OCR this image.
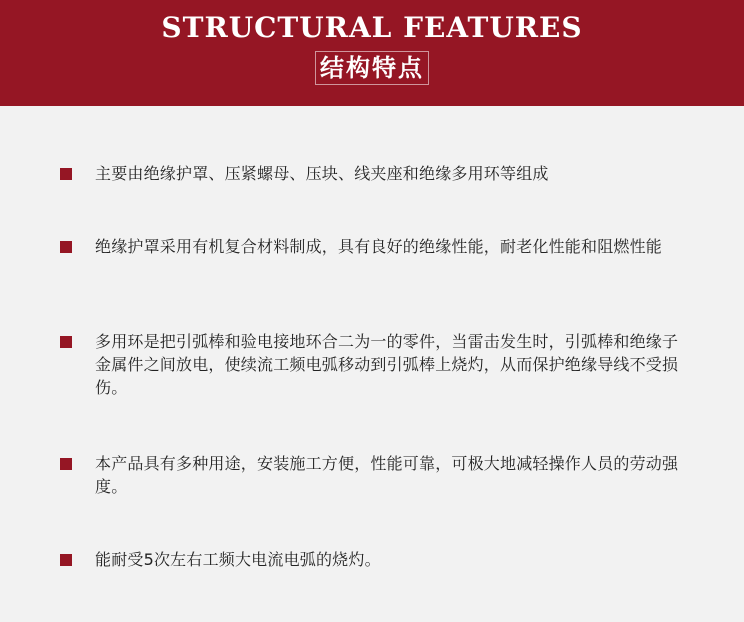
STRUCTURAL FEATURES
结构特点
主要由绝缘护罩、压紧螺母、压块、线夹座和绝缘多用环等组成
绝缘护罩采用有机复合材料制成，具有良好的绝缘性能，耐老化性能和阻燃性能
多用环是把引弧棒和验电接地环合二为一的零件，当雷击发生时，引弧棒和绝缘子金属件之间放电，使续流工频电弧移动到引弧棒上烧灼，从而保护绝缘导线不受损伤。
本产品具有多种用途，安装施工方便，性能可靠，可极大地减轻操作人员的劳动强度。
能耐受5次左右工频大电流电弧的烧灼。
